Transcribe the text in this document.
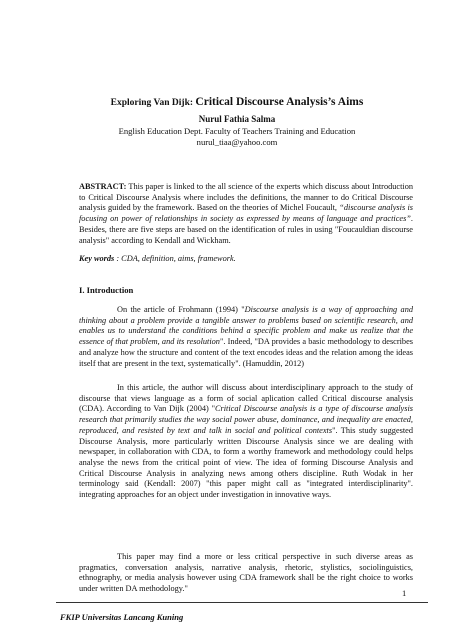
Exploring Van Dijk: Critical Discourse Analysis’s Aims
Nurul Fathia Salma
English Education Dept. Faculty of Teachers Training and Education
nurul_tiaa@yahoo.com
ABSTRACT: This paper is linked to the all science of the experts which discuss about Introduction to Critical Discourse Analysis where includes the definitions, the manner to do Critical Discourse analysis guided by the framework. Based on the theories of Michel Foucault, “discourse analysis is focusing on power of relationships in society as expressed by means of language and practices”. Besides, there are five steps are based on the identification of rules in using "Foucauldian discourse analysis" according to Kendall and Wickham.
Key words : CDA, definition, aims, framework.
I. Introduction
On the article of Frohmann (1994) "Discourse analysis is a way of approaching and thinking about a problem provide a tangible answer to problems based on scientific research, and enables us to understand the conditions behind a specific problem and make us realize that the essence of that problem, and its resolution". Indeed, "DA provides a basic methodology to describes and analyze how the structure and content of the text encodes ideas and the relation among the ideas itself that are present in the text, systematically". (Hamuddin, 2012)
In this article, the author will discuss about interdisciplinary approach to the study of discourse that views language as a form of social aplication called Critical discourse analysis (CDA). According to Van Dijk (2004) "Critical Discourse analysis is a type of discourse analysis research that primarily studies the way social power abuse, dominance, and inequality are enacted, reproduced, and resisted by text and talk in social and political contexts". This study suggested Discourse Analysis, more particularly written Discourse Analysis since we are dealing with newspaper, in collaboration with CDA, to form a worthy framework and methodology could helps analyse the news from the critical point of view. The idea of forming Discourse Analysis and Critical Discourse Analysis in analyzing news among others discipline. Ruth Wodak in her terminology said (Kendall: 2007) "this paper might call as "integrated interdisciplinarity". integrating approaches for an object under investigation in innovative ways.
This paper may find a more or less critical perspective in such diverse areas as pragmatics, conversation analysis, narrative analysis, rhetoric, stylistics, sociolinguistics, ethnography, or media analysis however using CDA framework shall be the right choice to works under written DA methodology."	1
FKIP Universitas Lancang Kuning
